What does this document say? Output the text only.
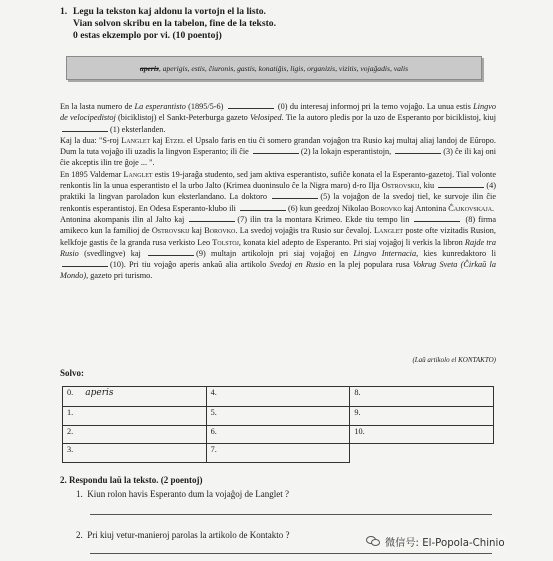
1. Legu la tekston kaj aldonu la vortojn el la listo.
Vian solvon skribu en la tabelon, fine de la teksto.
0 estas ekzemplo por vi. (10 poentoj)
aperis , aperigis, estis, ĉiuronis, gastis, konatiĝis, ligis, organizis, vizitis, vojaĝadis, valis

En la lasta numero de La esperantisto (1895/5-6)	(0) du interesaj informoj pri la temo vojaĝo. La unua estis Lingvo de velocipedistoj (biciklistoj) el Sankt-Peterburga gazeto Velosiped. Tie la autoro pledis por la uzo de Esperanto por biciklistoj, kiuj (1) eksterlanden.

Kaj la dua: "S-roj Langlet kaj Etzel el Upsalo faris en tiu ĉi somero grandan vojaĝon tra Rusio kaj multaj aliaj landoj de Eŭropo. Dum la tuta vojaĝo ili uzadis la lingvon Esperanto; ili ĉie	(2) la lokajn esperantistojn,	(3) ĉe ili kaj oni ĉie akceptis ilin tre ĝoje ... ".

En 1895 Valdemar Langlet estis 19-jaraĝa studento, sed jam aktiva esperantisto, sufiĉe konata el la Esperanto-gazetoj. Tial volonte renkontis lin la unua esperantisto el la urbo Jalto (Krimea duoninsulo ĉe la Nigra maro) d-ro Ilja Ostrovskij, kiu	(4) praktiki la lingvan paroladon kun eksterlandano. La doktoro	(5) la vojaĝon de la svedoj tiel, ke survoje ilin ĉie renkontis esperantistoj. En Odesa Esperanto-klubo ili	(6) kun geedzoj Nikolao Borovko kaj Antonina Ĉajkovskaja.

Antonina akompanis ilin al Jalto kaj	(7) ilin tra la montara Krimeo. Ekde tiu tempo lin	(8) firma amikeco kun la familioj de Ostrovskij kaj Borovko. La svedoj vojaĝis tra Rusio sur ĉevaloj. Langlet poste ofte vizitadis Rusion, kelkfoje gastis ĉe la granda rusa verkisto Leo Tolstoj, konata kiel adepto de Esperanto. Pri siaj vojaĝoj li verkis la libron Rajde tra Rusio (svedlingve) kaj	(9) multajn artikolojn pri siaj vojaĝoj en Lingvo Internacia, kies kunredaktoro li (10). Pri tiu vojaĝo aperis ankaŭ alia artikolo Svedoj en Rusio en la plej populara rusa Vokrug Sveta (Ĉirkaŭ la Mondo), gazeto pri turismo.

(Laŭ artikolo el KONTAKTO)
Solvo:
0. aperis	4.	8.
1.	5.	9.
2.	6.	10.
3.	7.	
2. Respondu laŭ la teksto. (2 poentoj)
1. Kiun rolon havis Esperanto dum la vojaĝoj de Langlet ?
2. Pri kiuj vetur-manieroj parolas la artikolo de Kontakto ?
微信号: El-Popola-Chinio
